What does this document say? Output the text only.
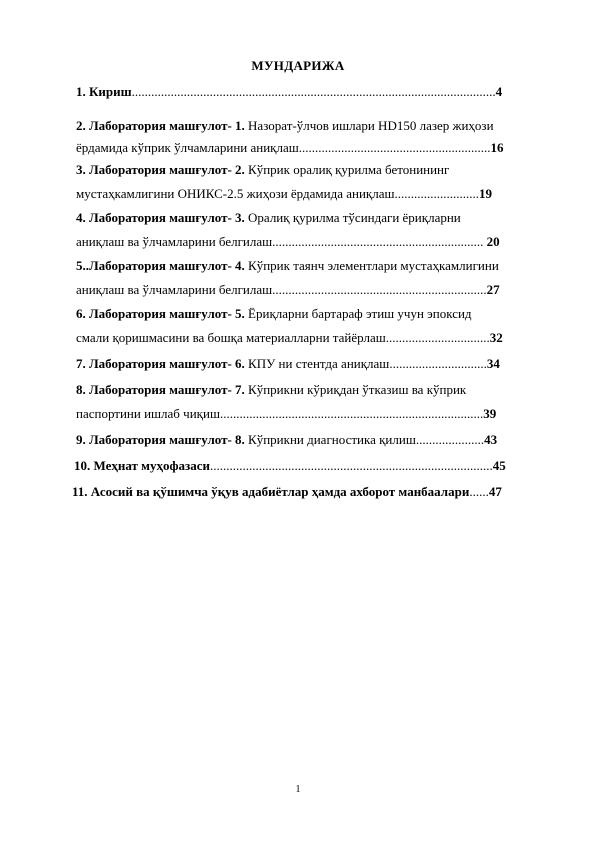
МУНДАРИЖА
1. Кириш................................................................................................................4
2. Лаборатория машғулот- 1. Назорат-ўлчов ишлари HD150 лазер жиҳози
ёрдамида кўприк ўлчамларини аниқлаш...........................................................16
3. Лаборатория машғулот- 2. Кўприк оралиқ қурилма бетонининг
мустаҳкамлигини ОНИКС-2.5 жиҳози ёрдамида аниқлаш..........................19
4. Лаборатория машғулот- 3. Оралиқ қурилма тўсиндаги ёриқларни
аниқлаш ва ўлчамларини белгилаш................................................................. 20
5..Лаборатория машғулот- 4. Кўприк таянч элементлари мустаҳкамлигини
аниқлаш ва ўлчамларини белгилаш..................................................................27
6. Лаборатория машғулот- 5. Ёриқларни бартараф этиш учун эпоксид
смали қоришмасини ва бошқа материалларни тайёрлаш................................32
7. Лаборатория машғулот- 6. КПУ ни стентда аниқлаш..............................34
8. Лаборатория машғулот- 7. Кўприкни кўриқдан ўтказиш ва кўприк
паспортини ишлаб чиқиш.................................................................................39
9. Лаборатория машғулот- 8. Кўприкни диагностика қилиш.....................43
10. Меҳнат муҳофазаси.......................................................................................45
11. Асосий ва қўшимча ўқув адабиётлар ҳамда ахборот манбаалари......47
1
